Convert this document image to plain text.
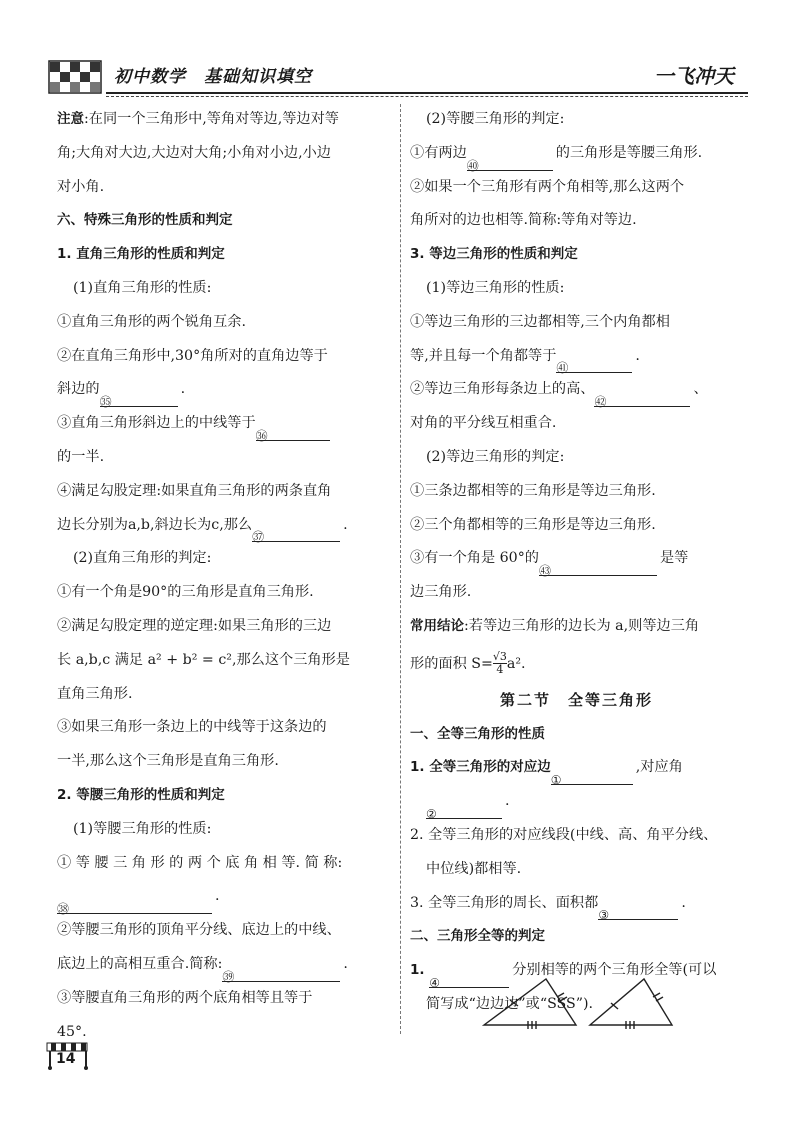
初中数学　基础知识填空	一飞冲天
注意:在同一个三角形中,等角对等边,等边对等
角;大角对大边,大边对大角;小角对小边,小边
对小角.
六、特殊三角形的性质和判定
1. 直角三角形的性质和判定
(1)直角三角形的性质:
①直角三角形的两个锐角互余.
②在直角三角形中,30°角所对的直角边等于
斜边的㉟.
③直角三角形斜边上的中线等于㊱
的一半.
④满足勾股定理:如果直角三角形的两条直角
边长分别为a,b,斜边长为c,那么㊲.
(2)直角三角形的判定:
①有一个角是90°的三角形是直角三角形.
②满足勾股定理的逆定理:如果三角形的三边
长 a,b,c 满足 a² + b² = c²,那么这个三角形是
直角三角形.
③如果三角形一条边上的中线等于这条边的
一半,那么这个三角形是直角三角形.
2. 等腰三角形的性质和判定
(1)等腰三角形的性质:
① 等 腰 三 角 形 的 两 个 底 角 相 等. 简 称:
㊳.
②等腰三角形的顶角平分线、底边上的中线、
底边上的高相互重合.简称:㊴.
③等腰直角三角形的两个底角相等且等于
45°.
(2)等腰三角形的判定:
①有两边㊵的三角形是等腰三角形.
②如果一个三角形有两个角相等,那么这两个
角所对的边也相等.简称:等角对等边.
3. 等边三角形的性质和判定
(1)等边三角形的性质:
①等边三角形的三边都相等,三个内角都相
等,并且每一个角都等于㊶.
②等边三角形每条边上的高、㊷、
对角的平分线互相重合.
(2)等边三角形的判定:
①三条边都相等的三角形是等边三角形.
②三个角都相等的三角形是等边三角形.
③有一个角是 60°的㊸是等
边三角形.
常用结论:若等边三角形的边长为 a,则等边三角
形的面积 $S= \frac{√3}{4} a^2$.
第二节　全等三角形
一、全等三角形的性质
1. 全等三角形的对应边①,对应角
②.
2. 全等三角形的对应线段(中线、高、角平分线、
中位线)都相等.
3. 全等三角形的周长、面积都③.
二、三角形全等的判定
1. ④分别相等的两个三角形全等(可以
简写成“边边边”或“SSS”).
14
